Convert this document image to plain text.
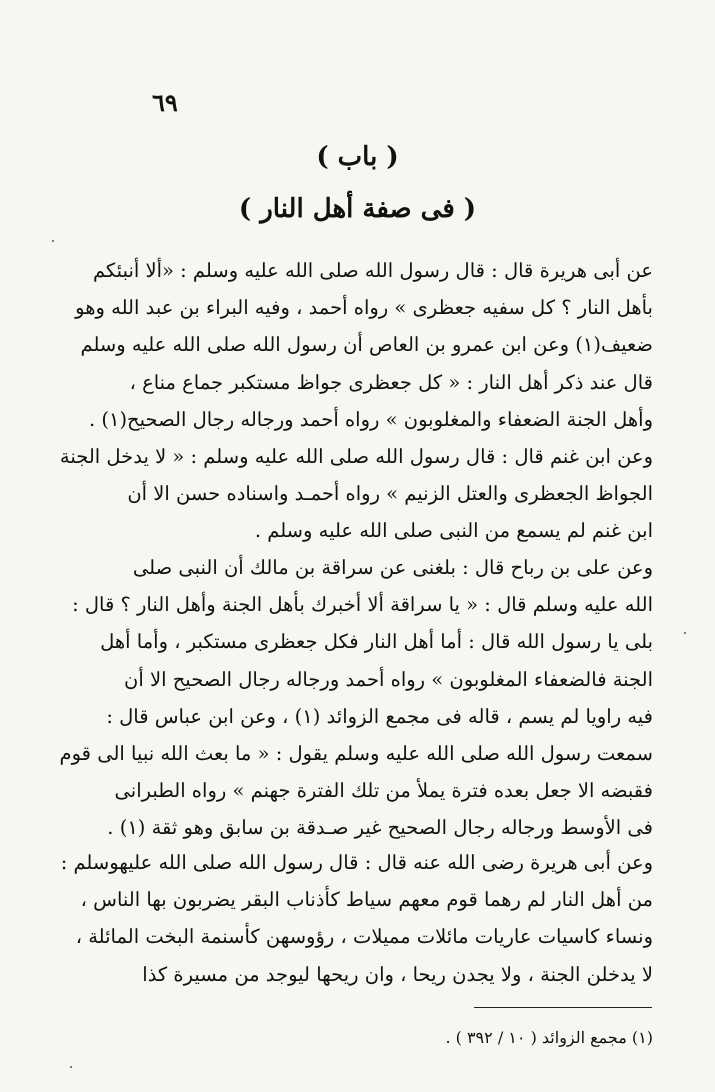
٦٩
( باب )
( فى صفة أهل النار )

عن أبى هريرة قال : قال رسول الله صلى الله عليه وسلم : «ألا أنبئكم
بأهل النار ؟ كل سفيه جعظرى » رواه أحمد ، وفيه البراء بن عبد الله وهو
ضعيف(١) وعن ابن عمرو بن العاص أن رسول الله صلى الله عليه وسلم
قال عند ذكر أهل النار : « كل جعظرى جواظ مستكبر جماع مناع ،
وأهل الجنة الضعفاء والمغلوبون » رواه أحمد ورجاله رجال الصحيح(١) .
وعن ابن غنم قال : قال رسول الله صلى الله عليه وسلم : « لا يدخل الجنة
الجواظ الجعظرى والعتل الزنيم » رواه أحمـد واسناده حسن الا أن
ابن غنم لم يسمع من النبى صلى الله عليه وسلم .

وعن على بن رباح قال : بلغنى عن سراقة بن مالك أن النبى صلى
الله عليه وسلم قال : « يا سراقة ألا أخبرك بأهل الجنة وأهل النار ؟ قال :
بلى يا رسول الله قال : أما أهل النار فكل جعظرى مستكبر ، وأما أهل
الجنة فالضعفاء المغلوبون » رواه أحمد ورجاله رجال الصحيح الا أن
فيه راويا لم يسم ، قاله فى مجمع الزوائد (١) ، وعن ابن عباس قال :
سمعت رسول الله صلى الله عليه وسلم يقول : « ما بعث الله نبيا الى قوم
فقبضه الا جعل بعده فترة يملأ من تلك الفترة جهنم » رواه الطبرانى
فى الأوسط ورجاله رجال الصحيح غير صـدقة بن سابق وهو ثقة (١) .

وعن أبى هريرة رضى الله عنه قال : قال رسول الله صلى الله عليهوسلم :
من أهل النار لم رهما قوم معهم سياط كأذناب البقر يضربون بها الناس ،
ونساء كاسيات عاريات مائلات مميلات ، رؤوسهن كأسنمة البخت المائلة ،
لا يدخلن الجنة ، ولا يجدن ريحا ، وان ريحها ليوجد من مسيرة كذا

(١) مجمع الزوائد ( ١٠ / ٣٩٢ ) .
